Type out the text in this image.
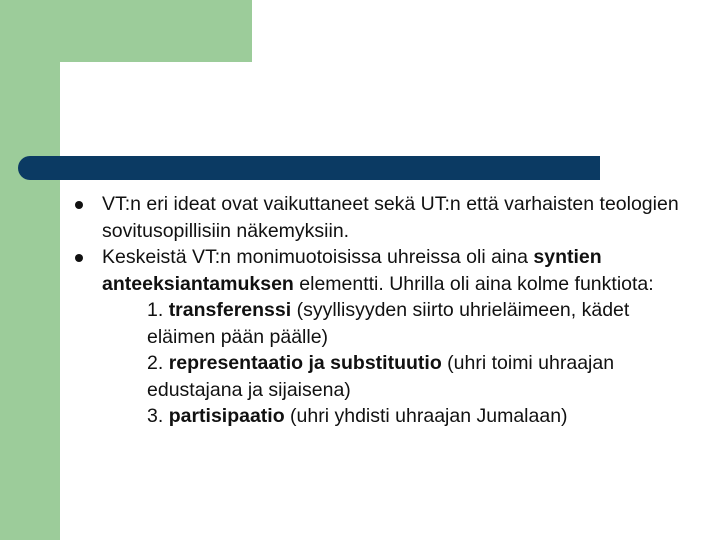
VT:n eri ideat ovat vaikuttaneet sekä UT:n että varhaisten teologien sovitusopillisiin näkemyksiin.
Keskeistä VT:n monimuotoisissa uhreissa oli aina syntien anteeksiantamuksen elementti. Uhrilla oli aina kolme funktiota:
1. transferenssi (syyllisyyden siirto uhrieläimeen, kädet eläimen pään päälle)
2. representaatio ja substituutio (uhri toimi uhraajan edustajana ja sijaisena)
3. partisipaatio (uhri yhdisti uhraajan Jumalaan)
